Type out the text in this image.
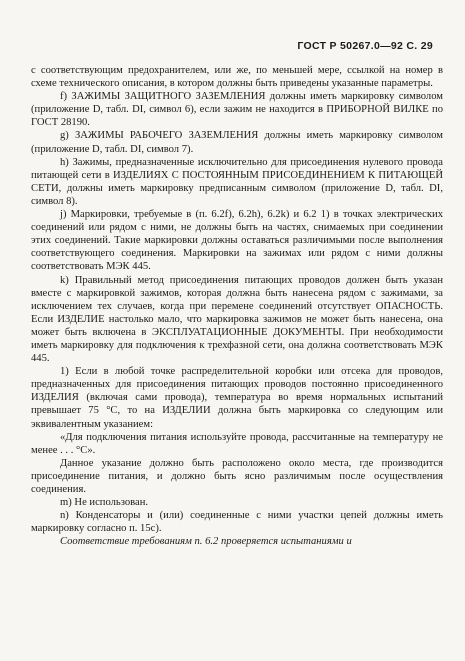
ГОСТ Р 50267.0—92 С. 29

с соответствующим предохранителем, или же, по меньшей мере, ссылкой на номер в схеме технического описания, в котором должны быть приведены указанные параметры.

f) ЗАЖИМЫ ЗАЩИТНОГО ЗАЗЕМЛЕНИЯ должны иметь маркировку символом (приложение D, табл. DI, символ 6), если зажим не находится в ПРИБОРНОЙ ВИЛКЕ по ГОСТ 28190.

g) ЗАЖИМЫ РАБОЧЕГО ЗАЗЕМЛЕНИЯ должны иметь маркировку символом (приложение D, табл. DI, символ 7).

h) Зажимы, предназначенные исключительно для присоединения нулевого провода питающей сети в ИЗДЕЛИЯХ С ПОСТОЯННЫМ ПРИСОЕДИНЕНИЕМ К ПИТАЮЩЕЙ СЕТИ, должны иметь маркировку предписанным символом (приложение D, табл. DI, символ 8).

j) Маркировки, требуемые в (п. 6.2f), 6.2h), 6.2k) и 6.2 1) в точках электрических соединений или рядом с ними, не должны быть на частях, снимаемых при соединении этих соединений. Такие маркировки должны оставаться различимыми после выполнения соответствующего соединения. Маркировки на зажимах или рядом с ними должны соответствовать МЭК 445.

k) Правильный метод присоединения питающих проводов должен быть указан вместе с маркировкой зажимов, которая должна быть нанесена рядом с зажимами, за исключением тех случаев, когда при перемене соединений отсутствует ОПАСНОСТЬ. Если ИЗДЕЛИЕ настолько мало, что маркировка зажимов не может быть нанесена, она может быть включена в ЭКСПЛУАТАЦИОННЫЕ ДОКУМЕНТЫ. При необходимости иметь маркировку для подключения к трехфазной сети, она должна соответствовать МЭК 445.

1) Если в любой точке распределительной коробки или отсека для проводов, предназначенных для присоединения питающих проводов постоянно присоединенного ИЗДЕЛИЯ (включая сами провода), температура во время нормальных испытаний превышает 75 °С, то на ИЗДЕЛИИ должна быть маркировка со следующим или эквивалентным указанием:

«Для подключения питания используйте провода, рассчитанные на температуру не менее . . . °С».

Данное указание должно быть расположено около места, где производится присоединение питания, и должно быть ясно различимым после осуществления соединения.

m) Не использован.

n) Конденсаторы и (или) соединенные с ними участки цепей должны иметь маркировку согласно п. 15с).

Соответствие требованиям п. 6.2 проверяется испытаниями и
